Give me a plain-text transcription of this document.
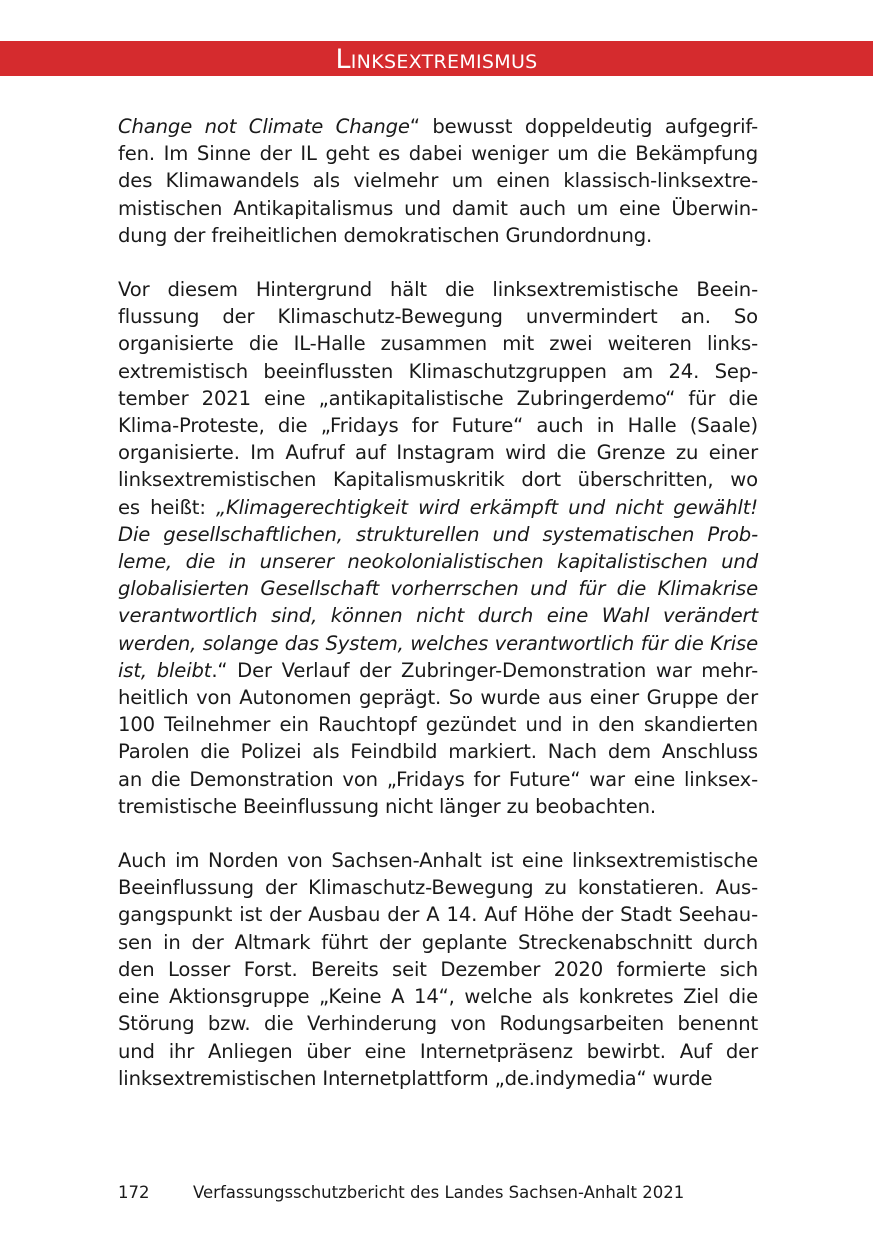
Linksextremismus
Change not Climate Change“ bewusst doppeldeutig aufgegrif-
fen. Im Sinne der IL geht es dabei weniger um die Bekämpfung
des Klimawandels als vielmehr um einen klassisch-linksextre-
mistischen Antikapitalismus und damit auch um eine Überwin-
dung der freiheitlichen demokratischen Grundordnung.
Vor diesem Hintergrund hält die linksextremistische Beein-
flussung der Klimaschutz-Bewegung unvermindert an. So
organisierte die IL-Halle zusammen mit zwei weiteren links-
extremistisch beeinflussten Klimaschutzgruppen am 24. Sep-
tember 2021 eine „antikapitalistische Zubringerdemo“ für die
Klima-Proteste, die „Fridays for Future“ auch in Halle (Saale)
organisierte. Im Aufruf auf Instagram wird die Grenze zu einer
linksextremistischen Kapitalismuskritik dort überschritten, wo
es heißt: „Klimagerechtigkeit wird erkämpft und nicht gewählt!
Die gesellschaftlichen, strukturellen und systematischen Prob-
leme, die in unserer neokolonialistischen kapitalistischen und
globalisierten Gesellschaft vorherrschen und für die Klimakrise
verantwortlich sind, können nicht durch eine Wahl verändert
werden, solange das System, welches verantwortlich für die Krise
ist, bleibt.“ Der Verlauf der Zubringer-Demonstration war mehr-
heitlich von Autonomen geprägt. So wurde aus einer Gruppe der
100 Teilnehmer ein Rauchtopf gezündet und in den skandierten
Parolen die Polizei als Feindbild markiert. Nach dem Anschluss
an die Demonstration von „Fridays for Future“ war eine linksex-
tremistische Beeinflussung nicht länger zu beobachten.
Auch im Norden von Sachsen-Anhalt ist eine linksextremistische
Beeinflussung der Klimaschutz-Bewegung zu konstatieren. Aus-
gangspunkt ist der Ausbau der A 14. Auf Höhe der Stadt Seehau-
sen in der Altmark führt der geplante Streckenabschnitt durch
den Losser Forst. Bereits seit Dezember 2020 formierte sich
eine Aktionsgruppe „Keine A 14“, welche als konkretes Ziel die
Störung bzw. die Verhinderung von Rodungsarbeiten benennt
und ihr Anliegen über eine Internetpräsenz bewirbt. Auf der
linksextremistischen Internetplattform „de.indymedia“ wurde
172	Verfassungsschutzbericht des Landes Sachsen-Anhalt 2021
